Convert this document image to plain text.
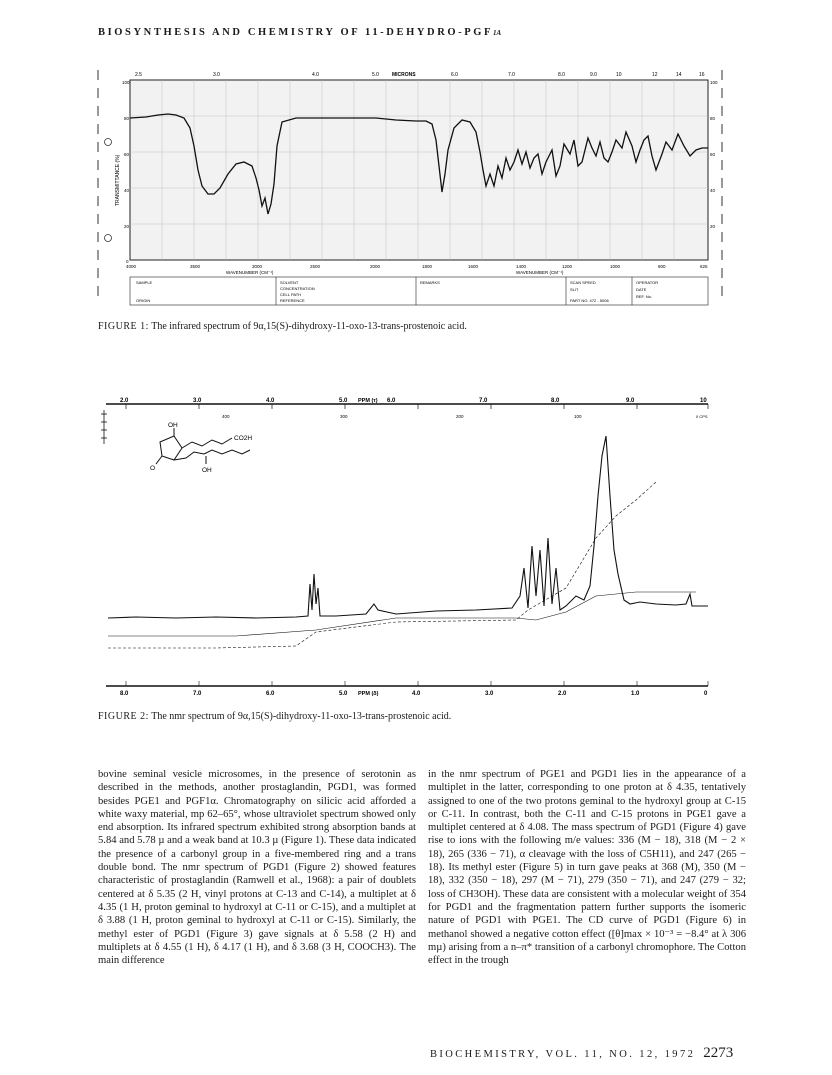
BIOSYNTHESIS AND CHEMISTRY OF 11-DEHYDRO-PGF1Α
2.5	3.0	4.0	5.0	MICRONS	6.0	7.0	8.0	9.0	10	12	14	16
100
80
60
40
20
0
100
80
60
40
20
TRANSMITTANCE (%)
4000	3500	3000	2500	2000	1800	1600	1400	1200	1000	800	625
WAVENUMBER (CM⁻¹)	WAVENUMBER (CM⁻¹)
SAMPLE
ORIGIN
SOLVENT
CONCENTRATION
CELL PATH
REFERENCE
REMARKS	SCAN SPEED
SLIT
PART NO. 472 - 5006
OPERATOR
DATE
REF. No.
FIGURE 1: The infrared spectrum of 9α,15(S)-dihydroxy-11-oxo-13-trans-prostenoic acid.
2.0	3.0	4.0	5.0 PPM (τ) 6.0	7.0	8.0	9.0	10
400	300	200	100	0 CPS
OH
O
CO2H
OH
8.0	7.0	6.0	5.0 PPM (δ)	4.0	3.0	2.0	1.0	0
FIGURE 2: The nmr spectrum of 9α,15(S)-dihydroxy-11-oxo-13-trans-prostenoic acid.
bovine seminal vesicle microsomes, in the presence of serotonin as described in the methods, another prostaglandin, PGD1, was formed besides PGE1 and PGF1α. Chromatography on silicic acid afforded a white waxy material, mp 62–65°, whose ultraviolet spectrum showed only end absorption. Its infrared spectrum exhibited strong absorption bands at 5.84 and 5.78 µ and a weak band at 10.3 µ (Figure 1). These data indicated the presence of a carbonyl group in a five-membered ring and a trans double bond. The nmr spectrum of PGD1 (Figure 2) showed features characteristic of prostaglandin (Ramwell et al., 1968): a pair of doublets centered at δ 5.35 (2 H, vinyl protons at C-13 and C-14), a multiplet at δ 4.35 (1 H, proton geminal to hydroxyl at C-11 or C-15), and a multiplet at δ 3.88 (1 H, proton geminal to hydroxyl at C-11 or C-15). Similarly, the methyl ester of PGD1 (Figure 3) gave signals at δ 5.58 (2 H) and multiplets at δ 4.55 (1 H), δ 4.17 (1 H), and δ 3.68 (3 H, COOCH3). The main difference
in the nmr spectrum of PGE1 and PGD1 lies in the appearance of a multiplet in the latter, corresponding to one proton at δ 4.35, tentatively assigned to one of the two protons geminal to the hydroxyl group at C-15 or C-11. In contrast, both the C-11 and C-15 protons in PGE1 gave a multiplet centered at δ 4.08. The mass spectrum of PGD1 (Figure 4) gave rise to ions with the following m/e values: 336 (M − 18), 318 (M − 2 × 18), 265 (336 − 71), α cleavage with the loss of C5H11), and 247 (265 − 18). Its methyl ester (Figure 5) in turn gave peaks at 368 (M), 350 (M − 18), 332 (350 − 18), 297 (M − 71), 279 (350 − 71), and 247 (279 − 32; loss of CH3OH). These data are consistent with a molecular weight of 354 for PGD1 and the fragmentation pattern further supports the isomeric nature of PGD1 with PGE1. The CD curve of PGD1 (Figure 6) in methanol showed a negative cotton effect ([θ]max × 10⁻³ = −8.4° at λ 306 mµ) arising from a n–π* transition of a carbonyl chromophore. The Cotton effect in the trough
BIOCHEMISTRY, VOL. 11, NO. 12, 1972 2273
